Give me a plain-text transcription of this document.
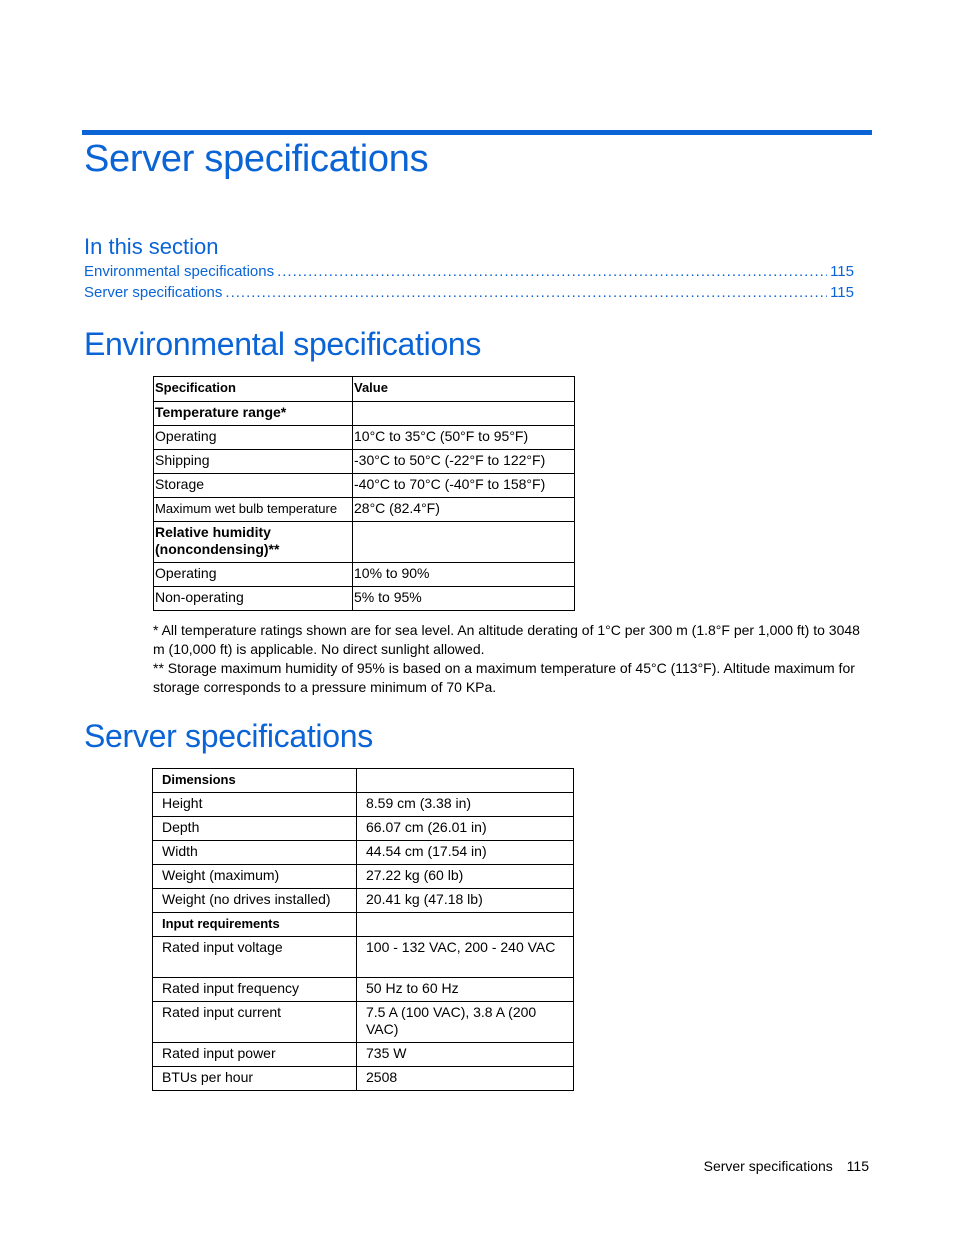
Server specifications
In this section
Environmental specifications .....	115
Server specifications .....	115
Environmental specifications
Specification	Value
Temperature range*	
Operating	10°C to 35°C (50°F to 95°F)
Shipping	-30°C to 50°C (-22°F to 122°F)
Storage	-40°C to 70°C (-40°F to 158°F)
Maximum wet bulb temperature	28°C (82.4°F)
Relative humidity (noncondensing)**	
Operating	10% to 90%
Non-operating	5% to 95%
* All temperature ratings shown are for sea level. An altitude derating of 1°C per 300 m (1.8°F per 1,000 ft) to 3048 m (10,000 ft) is applicable. No direct sunlight allowed.
** Storage maximum humidity of 95% is based on a maximum temperature of 45°C (113°F). Altitude maximum for storage corresponds to a pressure minimum of 70 KPa.
Server specifications
Dimensions	
Height	8.59 cm (3.38 in)
Depth	66.07 cm (26.01 in)
Width	44.54 cm (17.54 in)
Weight (maximum)	27.22 kg (60 lb)
Weight (no drives installed)	20.41 kg (47.18 lb)
Input requirements	
Rated input voltage	100 - 132 VAC, 200 - 240 VAC
Rated input frequency	50 Hz to 60 Hz
Rated input current	7.5 A (100 VAC), 3.8 A (200 VAC)
Rated input power	735 W
BTUs per hour	2508
Server specifications 115
